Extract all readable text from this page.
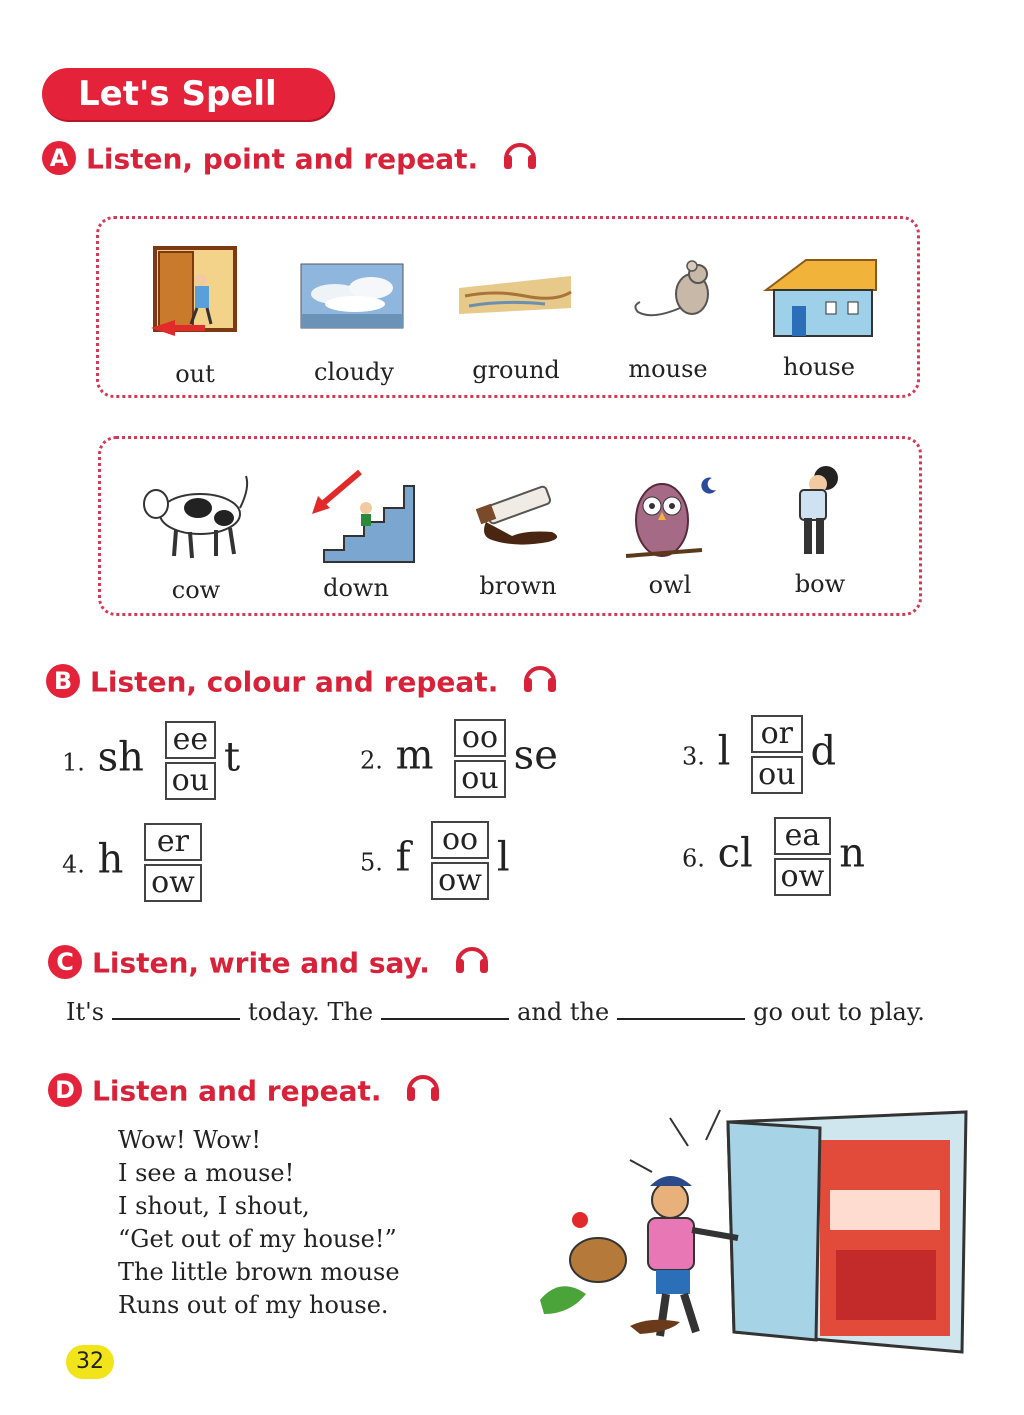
Let's Spell
A Listen, point and repeat.
out	cloudy	ground	mouse	house
cow	down	brown	owl	bow
B Listen, colour and repeat.
1. sh $\frac{ee}{ou}$ t	2. m $\frac{oo}{ou}$ se	3. l $\frac{or}{ou}$ d
4. h $\frac{er}{ow}$	5. f $\frac{oo}{ow}$ l	6. cl $\frac{ea}{ow}$ n
C Listen, write and say.
It's	today. The	and the	go out to play.
D Listen and repeat.
Wow! Wow!
I see a mouse!
I shout, I shout,
“Get out of my house!”
The little brown mouse
Runs out of my house.
32
